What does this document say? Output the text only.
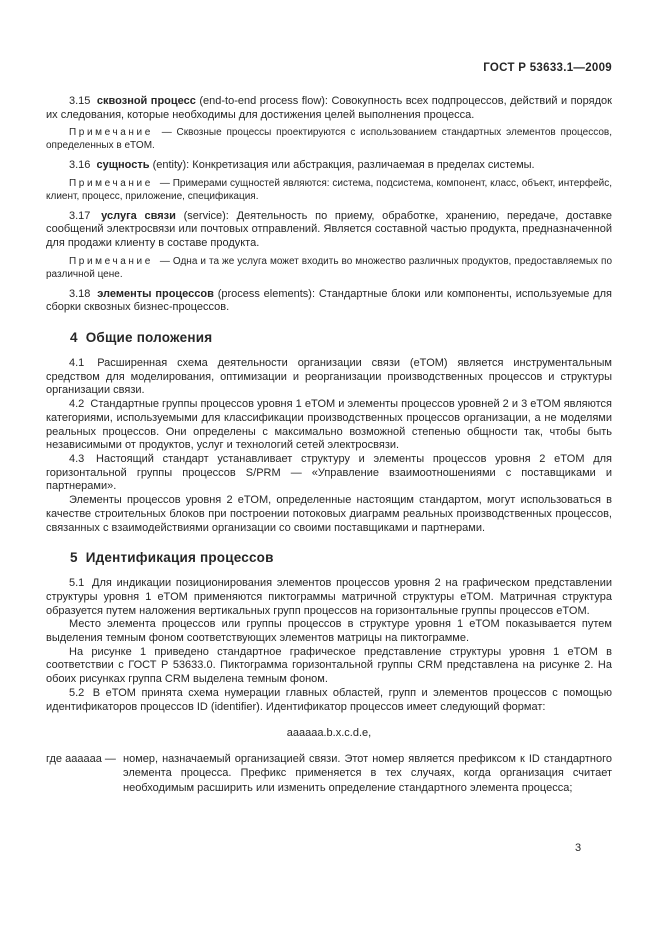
ГОСТ Р 53633.1—2009

3.15 сквозной процесс (end-to-end process flow): Совокупность всех подпроцессов, действий и порядок их следования, которые необходимы для достижения целей выполнения процесса.

Примечание — Сквозные процессы проектируются с использованием стандартных элементов процессов, определенных в eTOM.

3.16 сущность (entity): Конкретизация или абстракция, различаемая в пределах системы.

Примечание — Примерами сущностей являются: система, подсистема, компонент, класс, объект, интерфейс, клиент, процесс, приложение, спецификация.

3.17 услуга связи (service): Деятельность по приему, обработке, хранению, передаче, доставке сообщений электросвязи или почтовых отправлений. Является составной частью продукта, предназначенной для продажи клиенту в составе продукта.

Примечание — Одна и та же услуга может входить во множество различных продуктов, предоставляемых по различной цене.

3.18 элементы процессов (process elements): Стандартные блоки или компоненты, используемые для сборки сквозных бизнес-процессов.

4 Общие положения

4.1 Расширенная схема деятельности организации связи (eTOM) является инструментальным средством для моделирования, оптимизации и реорганизации производственных процессов и структуры организации связи.

4.2 Стандартные группы процессов уровня 1 eTOM и элементы процессов уровней 2 и 3 eTOM являются категориями, используемыми для классификации производственных процессов организации, а не моделями реальных процессов. Они определены с максимально возможной степенью общности так, чтобы быть независимыми от продуктов, услуг и технологий сетей электросвязи.

4.3 Настоящий стандарт устанавливает структуру и элементы процессов уровня 2 eTOM для горизонтальной группы процессов S/PRM — «Управление взаимоотношениями с поставщиками и партнерами».

Элементы процессов уровня 2 eTOM, определенные настоящим стандартом, могут использоваться в качестве строительных блоков при построении потоковых диаграмм реальных производственных процессов, связанных с взаимодействиями организации со своими поставщиками и партнерами.

5 Идентификация процессов

5.1 Для индикации позиционирования элементов процессов уровня 2 на графическом представлении структуры уровня 1 eTOM применяются пиктограммы матричной структуры eTOM. Матричная структура образуется путем наложения вертикальных групп процессов на горизонтальные группы процессов eTOM.

Место элемента процессов или группы процессов в структуре уровня 1 eTOM показывается путем выделения темным фоном соответствующих элементов матрицы на пиктограмме.

На рисунке 1 приведено стандартное графическое представление структуры уровня 1 eTOM в соответствии с ГОСТ Р 53633.0. Пиктограмма горизонтальной группы CRM представлена на рисунке 2. На обоих рисунках группа CRM выделена темным фоном.

5.2 В eTOM принята схема нумерации главных областей, групп и элементов процессов с помощью идентификаторов процессов ID (identifier). Идентификатор процессов имеет следующий формат:

aaaaaa.b.x.c.d.e,

где aaaaaa — номер, назначаемый организацией связи. Этот номер является префиксом к ID стандартного элемента процесса. Префикс применяется в тех случаях, когда организация считает необходимым расширить или изменить определение стандартного элемента процесса;

3
